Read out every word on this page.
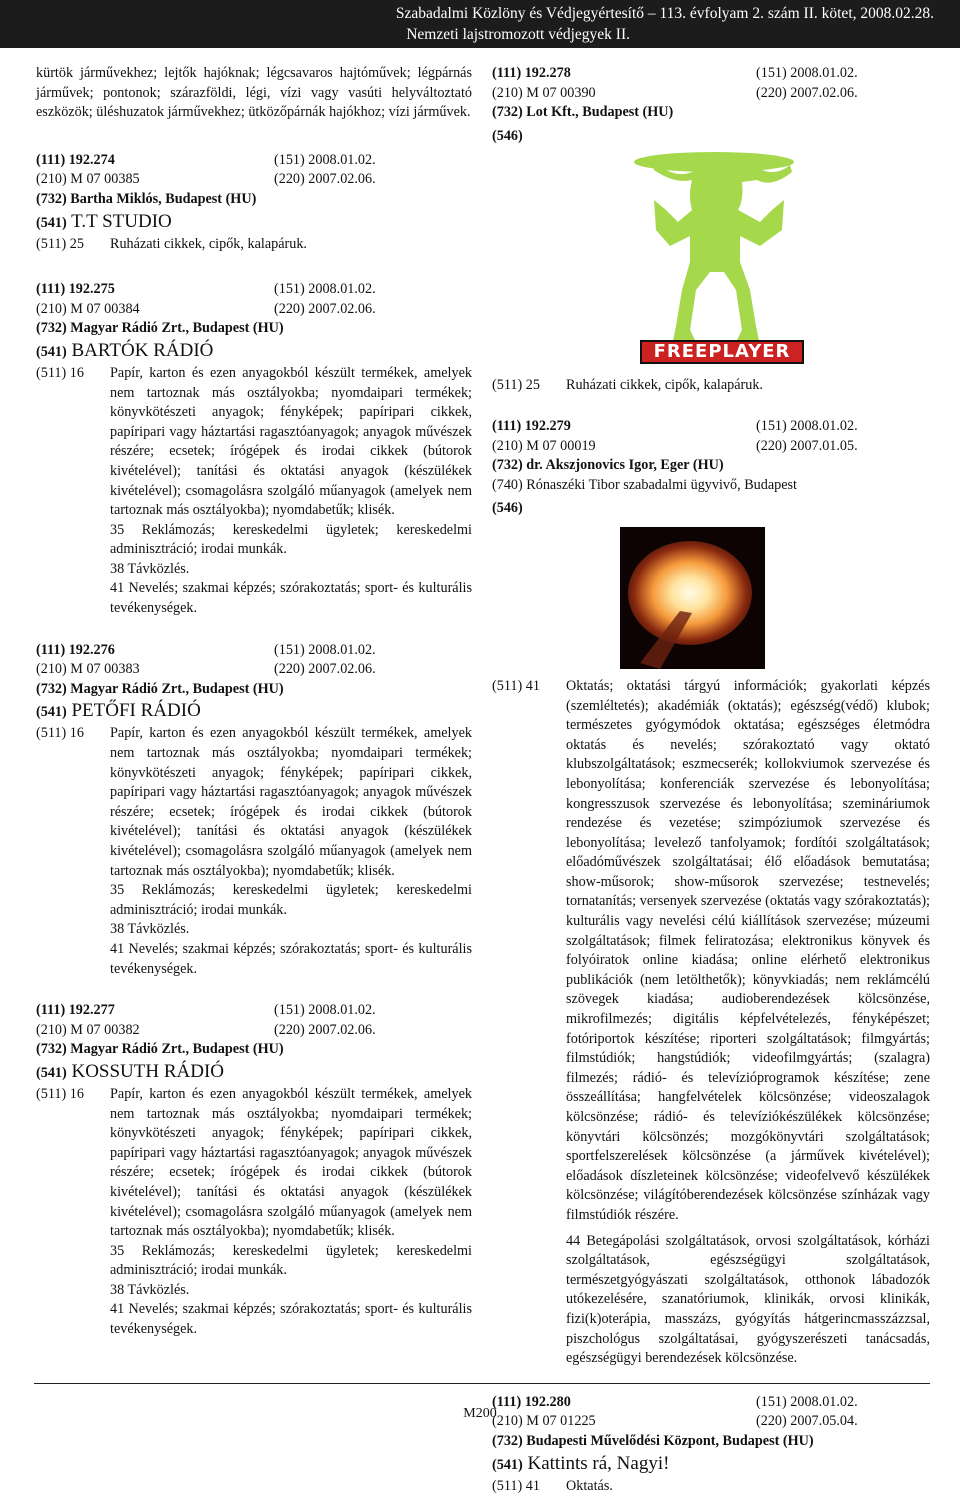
Szabadalmi Közlöny és Védjegyértesítő – 113. évfolyam 2. szám II. kötet, 2008.02.28.
Nemzeti lajstromozott védjegyek II.

kürtök járművekhez; lejtők hajóknak; légcsavaros hajtóművek; légpárnás járművek; pontonok; szárazföldi, légi, vízi vagy vasúti helyváltoztató eszközök; üléshuzatok járművekhez; ütközőpárnák hajókhoz; vízi járművek.

(111) 192.274	(151) 2008.01.02.
(210) M 07 00385	(220) 2007.02.06.
(732) Bartha Miklós, Budapest (HU)
(541) T.T STUDIO
(511) 25	Ruházati cikkek, cipők, kalapáruk.
(111) 192.275	(151) 2008.01.02.
(210) M 07 00384	(220) 2007.02.06.
(732) Magyar Rádió Zrt., Budapest (HU)
(541) BARTÓK RÁDIÓ
(511) 16	Papír, karton és ezen anyagokból készült termékek, amelyek nem tartoznak más osztályokba; nyomdaipari termékek; könyvkötészeti anyagok; fényképek; papíripari cikkek, papíripari vagy háztartási ragasztóanyagok; anyagok művészek részére; ecsetek; írógépek és irodai cikkek (bútorok kivételével); tanítási és oktatási anyagok (készülékek kivételével); csomagolásra szolgáló műanyagok (amelyek nem tartoznak más osztályokba); nyomdabetűk; klisék.

35 Reklámozás; kereskedelmi ügyletek; kereskedelmi adminisztráció; irodai munkák.

38 Távközlés.

41 Nevelés; szakmai képzés; szórakoztatás; sport- és kulturális tevékenységek.

(111) 192.276	(151) 2008.01.02.
(210) M 07 00383	(220) 2007.02.06.
(732) Magyar Rádió Zrt., Budapest (HU)
(541) PETŐFI RÁDIÓ
(511) 16	Papír, karton és ezen anyagokból készült termékek, amelyek nem tartoznak más osztályokba; nyomdaipari termékek; könyvkötészeti anyagok; fényképek; papíripari cikkek, papíripari vagy háztartási ragasztóanyagok; anyagok művészek részére; ecsetek; írógépek és irodai cikkek (bútorok kivételével); tanítási és oktatási anyagok (készülékek kivételével); csomagolásra szolgáló műanyagok (amelyek nem tartoznak más osztályokba); nyomdabetűk; klisék.

35 Reklámozás; kereskedelmi ügyletek; kereskedelmi adminisztráció; irodai munkák.

38 Távközlés.

41 Nevelés; szakmai képzés; szórakoztatás; sport- és kulturális tevékenységek.

(111) 192.277	(151) 2008.01.02.
(210) M 07 00382	(220) 2007.02.06.
(732) Magyar Rádió Zrt., Budapest (HU)
(541) KOSSUTH RÁDIÓ
(511) 16	Papír, karton és ezen anyagokból készült termékek, amelyek nem tartoznak más osztályokba; nyomdaipari termékek; könyvkötészeti anyagok; fényképek; papíripari cikkek, papíripari vagy háztartási ragasztóanyagok; anyagok művészek részére; ecsetek; írógépek és irodai cikkek (bútorok kivételével); tanítási és oktatási anyagok (készülékek kivételével); csomagolásra szolgáló műanyagok (amelyek nem tartoznak más osztályokba); nyomdabetűk; klisék.

35 Reklámozás; kereskedelmi ügyletek; kereskedelmi adminisztráció; irodai munkák.

38 Távközlés.

41 Nevelés; szakmai képzés; szórakoztatás; sport- és kulturális tevékenységek.

(111) 192.278	(151) 2008.01.02.
(210) M 07 00390	(220) 2007.02.06.
(732) Lot Kft., Budapest (HU)
(546)
FREEPLAYER
(511) 25	Ruházati cikkek, cipők, kalapáruk.
(111) 192.279	(151) 2008.01.02.
(210) M 07 00019	(220) 2007.01.05.
(732) dr. Akszjonovics Igor, Eger (HU)
(740) Rónaszéki Tibor szabadalmi ügyvivő, Budapest
(546)
(511) 41	Oktatás; oktatási tárgyú információk; gyakorlati képzés (szemléltetés); akadémiák (oktatás); egészség(védő) klubok; természetes gyógymódok oktatása; egészséges életmódra oktatás és nevelés; szórakoztató vagy oktató klubszolgáltatások; eszmecserék; kollokviumok szervezése és lebonyolítása; konferenciák szervezése és lebonyolítása; kongresszusok szervezése és lebonyolítása; szemináriumok rendezése és vezetése; szimpóziumok szervezése és lebonyolítása; levelező tanfolyamok; fordítói szolgáltatások; előadóművészek szolgáltatásai; élő előadások bemutatása; show-műsorok; show-műsorok szervezése; testnevelés; tornatanítás; versenyek szervezése (oktatás vagy szórakoztatás); kulturális vagy nevelési célú kiállítások szervezése; múzeumi szolgáltatások; filmek feliratozása; elektronikus könyvek és folyóiratok online kiadása; online elérhető elektronikus publikációk (nem letölthetők); könyvkiadás; nem reklámcélú szövegek kiadása; audioberendezések kölcsönzése, mikrofilmezés; digitális képfelvételezés, fényképészet; fotóriportok készítése; riporteri szolgáltatások; filmgyártás; filmstúdiók; hangstúdiók; videofilmgyártás; (szalagra) filmezés; rádió- és televízióprogramok készítése; zene összeállítása; hangfelvételek kölcsönzése; videoszalagok kölcsönzése; rádió- és televíziókészülékek kölcsönzése; könyvtári kölcsönzés; mozgókönyvtári szolgáltatások; sportfelszerelések kölcsönzése (a járművek kivételével); előadások díszleteinek kölcsönzése; videofelvevő készülékek kölcsönzése; világítóberendezések kölcsönzése színházak vagy filmstúdiók részére.

44 Betegápolási szolgáltatások, orvosi szolgáltatások, kórházi szolgáltatások, egészségügyi szolgáltatások, természetgyógyászati szolgáltatások, otthonok lábadozók utókezelésére, szanatóriumok, klinikák, orvosi klinikák, fizi(k)oterápia, masszázs, gyógyítás hátgerincmasszázzsal, piszchológus szolgáltatásai, gyógyszerészeti tanácsadás, egészségügyi berendezések kölcsönzése.

(111) 192.280	(151) 2008.01.02.
(210) M 07 01225	(220) 2007.05.04.
(732) Budapesti Művelődési Központ, Budapest (HU)
(541) Kattints rá, Nagyi!
(511) 41	Oktatás.
M200
